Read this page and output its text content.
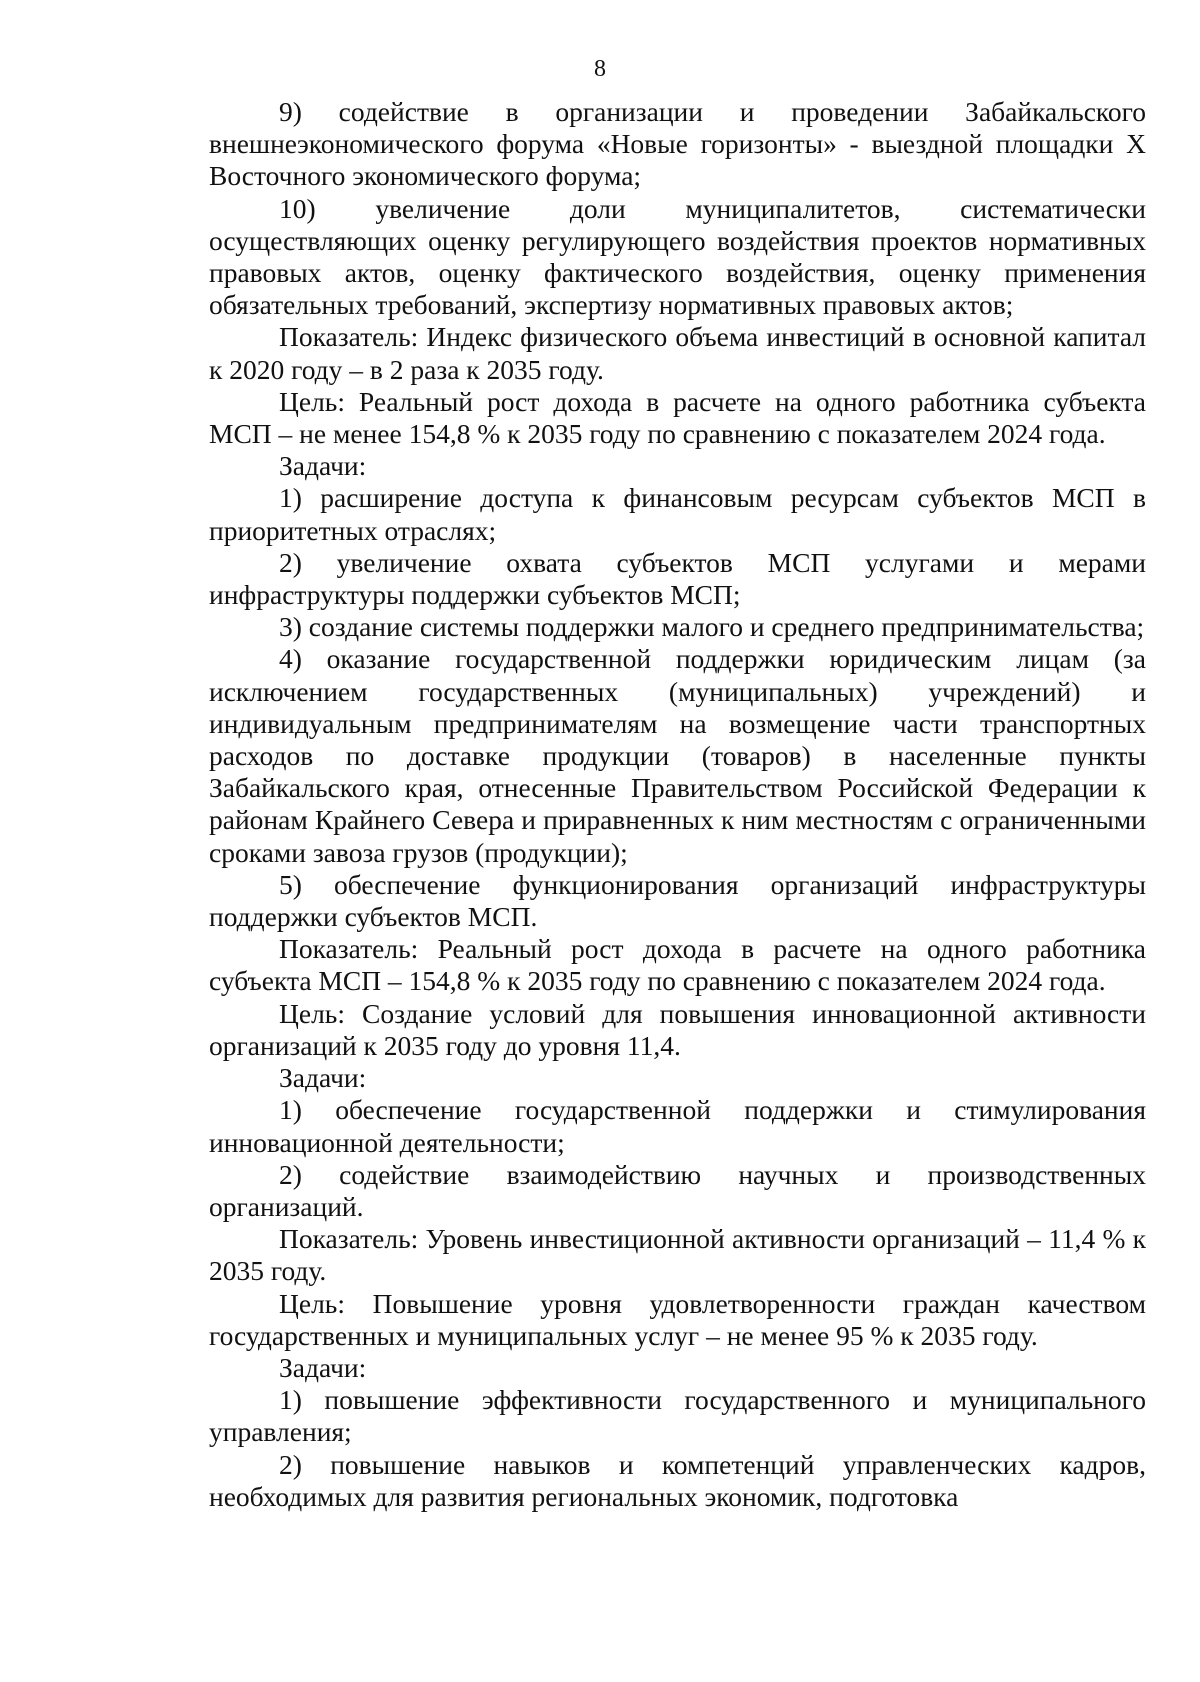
8

9) содействие в организации и проведении Забайкальского внешнеэкономического форума «Новые горизонты» - выездной площадки X Восточного экономического форума;

10) увеличение доли муниципалитетов, систематически осуществляющих оценку регулирующего воздействия проектов нормативных правовых актов, оценку фактического воздействия, оценку применения обязательных требований, экспертизу нормативных правовых актов;

Показатель: Индекс физического объема инвестиций в основной капитал к 2020 году – в 2 раза к 2035 году.

Цель: Реальный рост дохода в расчете на одного работника субъекта МСП – не менее 154,8 % к 2035 году по сравнению с показателем 2024 года.

Задачи:

1) расширение доступа к финансовым ресурсам субъектов МСП в приоритетных отраслях;

2) увеличение охвата субъектов МСП услугами и мерами инфраструктуры поддержки субъектов МСП;

3) создание системы поддержки малого и среднего предпринимательства;

4) оказание государственной поддержки юридическим лицам (за исключением государственных (муниципальных) учреждений) и индивидуальным предпринимателям на возмещение части транспортных расходов по доставке продукции (товаров) в населенные пункты Забайкальского края, отнесенные Правительством Российской Федерации к районам Крайнего Севера и приравненных к ним местностям с ограниченными сроками завоза грузов (продукции);

5) обеспечение функционирования организаций инфраструктуры поддержки субъектов МСП.

Показатель: Реальный рост дохода в расчете на одного работника субъекта МСП – 154,8 % к 2035 году по сравнению с показателем 2024 года.

Цель: Создание условий для повышения инновационной активности организаций к 2035 году до уровня 11,4.

Задачи:

1) обеспечение государственной поддержки и стимулирования инновационной деятельности;

2) содействие взаимодействию научных и производственных организаций.

Показатель: Уровень инвестиционной активности организаций – 11,4 % к 2035 году.

Цель: Повышение уровня удовлетворенности граждан качеством государственных и муниципальных услуг – не менее 95 % к 2035 году.

Задачи:

1) повышение эффективности государственного и муниципального управления;

2) повышение навыков и компетенций управленческих кадров, необходимых для развития региональных экономик, подготовка
